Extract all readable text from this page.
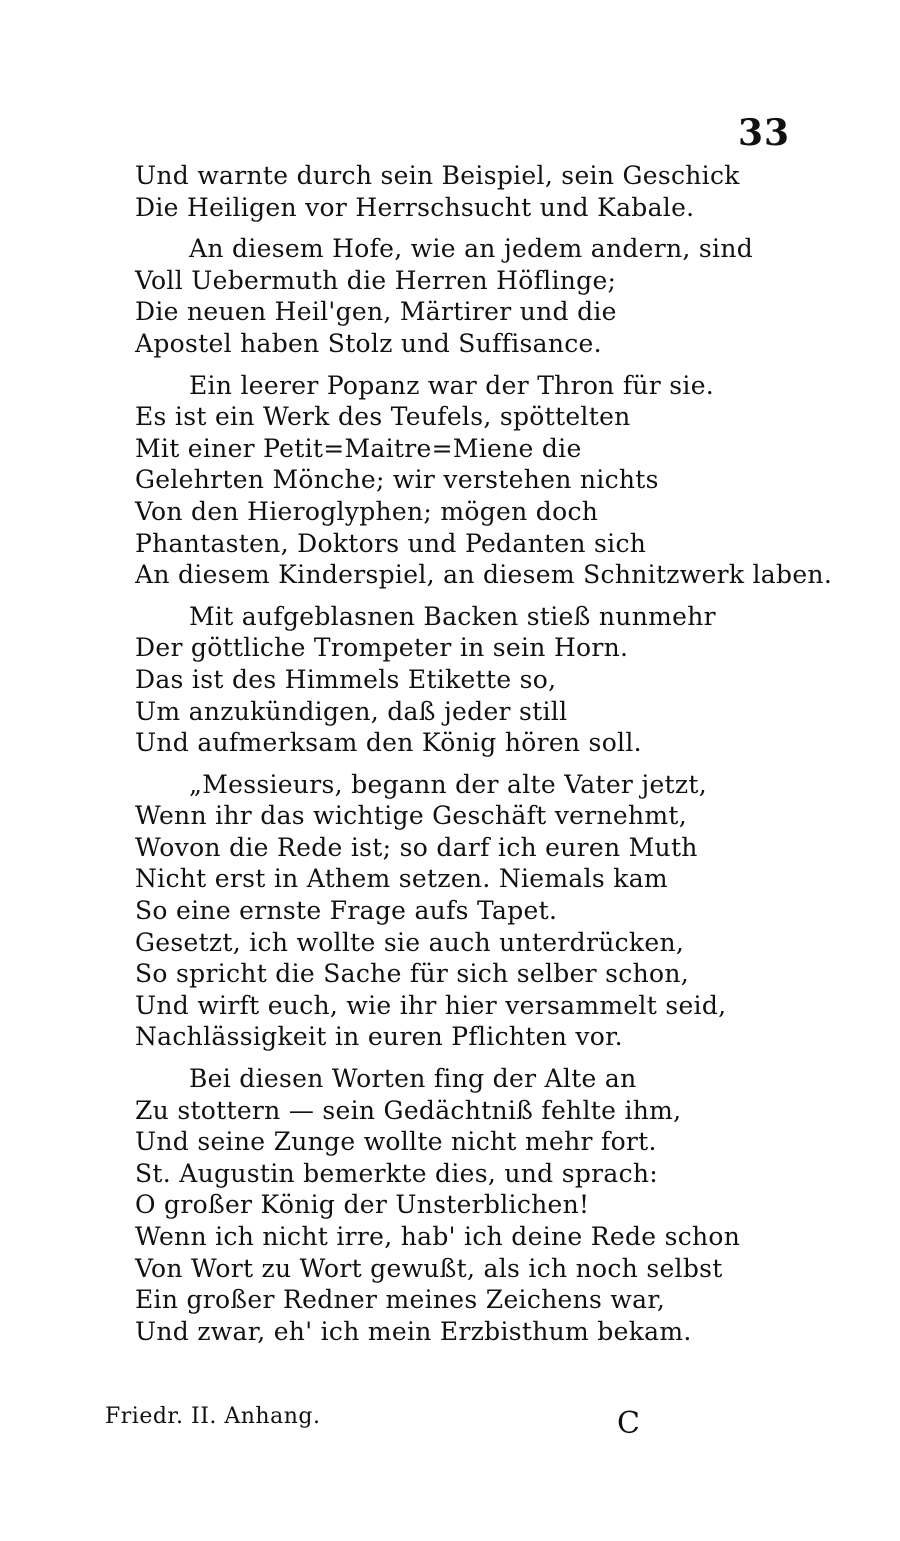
33
Und warnte durch sein Beispiel, sein Geschick
Die Heiligen vor Herrschsucht und Kabale.
An diesem Hofe, wie an jedem andern, sind
Voll Uebermuth die Herren Höflinge;
Die neuen Heil'gen, Märtirer und die
Apostel haben Stolz und Suffisance.
Ein leerer Popanz war der Thron für sie.
Es ist ein Werk des Teufels, spöttelten
Mit einer Petit=Maitre=Miene die
Gelehrten Mönche; wir verstehen nichts
Von den Hieroglyphen; mögen doch
Phantasten, Doktors und Pedanten sich
An diesem Kinderspiel, an diesem Schnitzwerk laben.
Mit aufgeblasnen Backen stieß nunmehr
Der göttliche Trompeter in sein Horn.
Das ist des Himmels Etikette so,
Um anzukündigen, daß jeder still
Und aufmerksam den König hören soll.
„Messieurs, begann der alte Vater jetzt,
Wenn ihr das wichtige Geschäft vernehmt,
Wovon die Rede ist; so darf ich euren Muth
Nicht erst in Athem setzen. Niemals kam
So eine ernste Frage aufs Tapet.
Gesetzt, ich wollte sie auch unterdrücken,
So spricht die Sache für sich selber schon,
Und wirft euch, wie ihr hier versammelt seid,
Nachlässigkeit in euren Pflichten vor.
Bei diesen Worten fing der Alte an
Zu stottern — sein Gedächtniß fehlte ihm,
Und seine Zunge wollte nicht mehr fort.
St. Augustin bemerkte dies, und sprach:
O großer König der Unsterblichen!
Wenn ich nicht irre, hab' ich deine Rede schon
Von Wort zu Wort gewußt, als ich noch selbst
Ein großer Redner meines Zeichens war,
Und zwar, eh' ich mein Erzbisthum bekam.
Friedr. II. Anhang.	C
